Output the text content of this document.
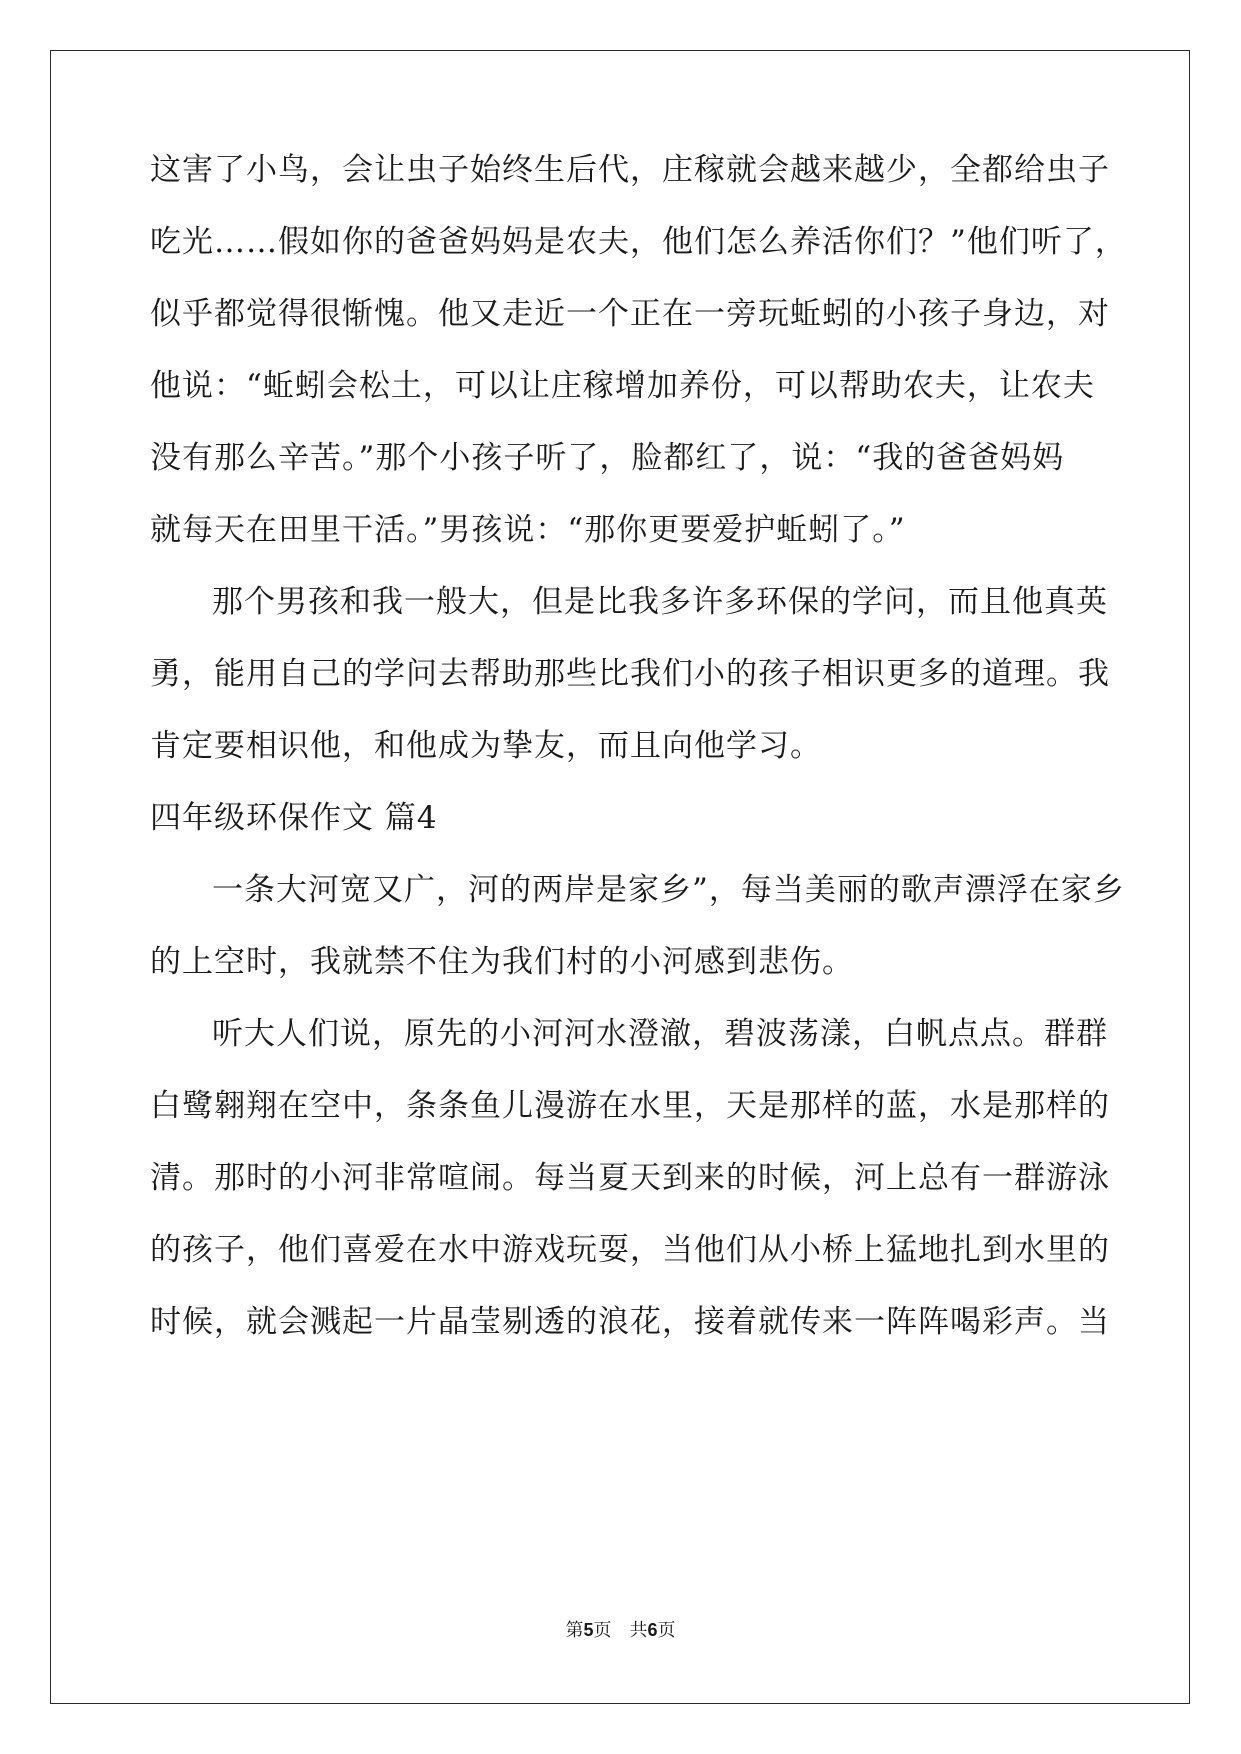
这害了小鸟，会让虫子始终生后代，庄稼就会越来越少，全都给虫子
吃光……假如你的爸爸妈妈是农夫，他们怎么养活你们？”他们听了，
似乎都觉得很惭愧。他又走近一个正在一旁玩蚯蚓的小孩子身边，对
他说：“蚯蚓会松土，可以让庄稼增加养份，可以帮助农夫，让农夫
没有那么辛苦。”那个小孩子听了，脸都红了，说：“我的爸爸妈妈
就每天在田里干活。”男孩说：“那你更要爱护蚯蚓了。”
那个男孩和我一般大，但是比我多许多环保的学问，而且他真英
勇，能用自己的学问去帮助那些比我们小的孩子相识更多的道理。我
肯定要相识他，和他成为挚友，而且向他学习。
四年级环保作文 篇4
一条大河宽又广，河的两岸是家乡”，每当美丽的歌声漂浮在家乡
的上空时，我就禁不住为我们村的小河感到悲伤。
听大人们说，原先的小河河水澄澈，碧波荡漾，白帆点点。群群
白鹭翱翔在空中，条条鱼儿漫游在水里，天是那样的蓝，水是那样的
清。那时的小河非常喧闹。每当夏天到来的时候，河上总有一群游泳
的孩子，他们喜爱在水中游戏玩耍，当他们从小桥上猛地扎到水里的
时候，就会溅起一片晶莹剔透的浪花，接着就传来一阵阵喝彩声。当
第5页　共6页
